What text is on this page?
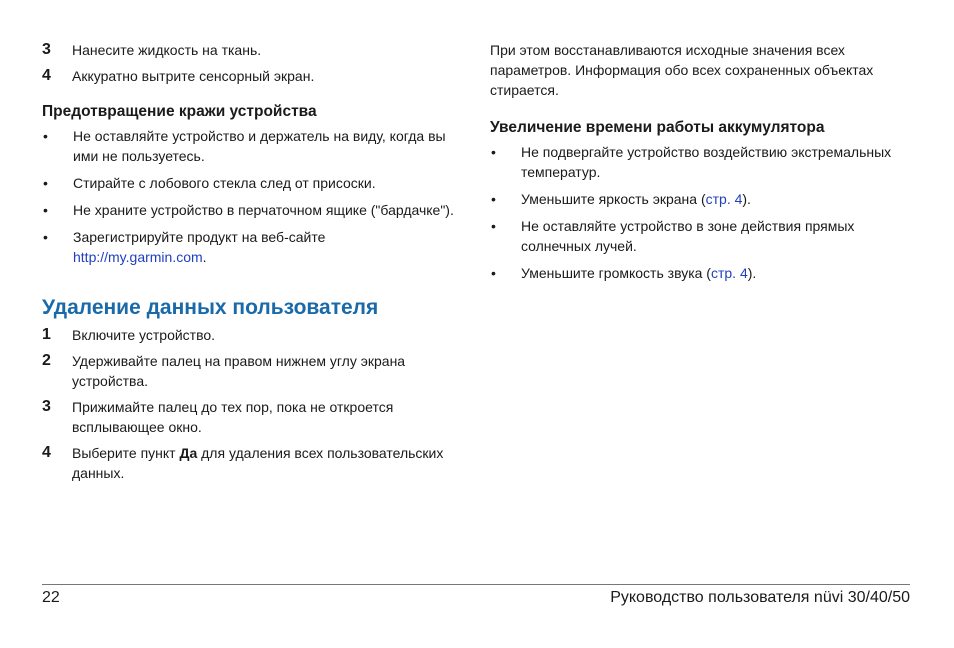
3	Нанесите жидкость на ткань.
4	Аккуратно вытрите сенсорный экран.
Предотвращение кражи устройства
•	Не оставляйте устройство и держатель на виду, когда вы ими не пользуетесь.
•	Стирайте с лобового стекла след от присоски.
•	Не храните устройство в перчаточном ящике ("бардачке").
•	Зарегистрируйте продукт на веб-сайте
http://my.garmin.com.
Удаление данных пользователя
1	Включите устройство.
2	Удерживайте палец на правом нижнем углу экрана устройства.
3	Прижимайте палец до тех пор, пока не откроется всплывающее окно.
4	Выберите пункт Да для удаления всех пользовательских данных.

При этом восстанавливаются исходные значения всех параметров. Информация обо всех сохраненных объектах стирается.

Увеличение времени работы аккумулятора
•	Не подвергайте устройство воздействию экстремальных температур.
•	Уменьшите яркость экрана (стр. 4).
•	Не оставляйте устройство в зоне действия прямых солнечных лучей.
•	Уменьшите громкость звука (стр. 4).
22	Руководство пользователя nüvi 30/40/50
